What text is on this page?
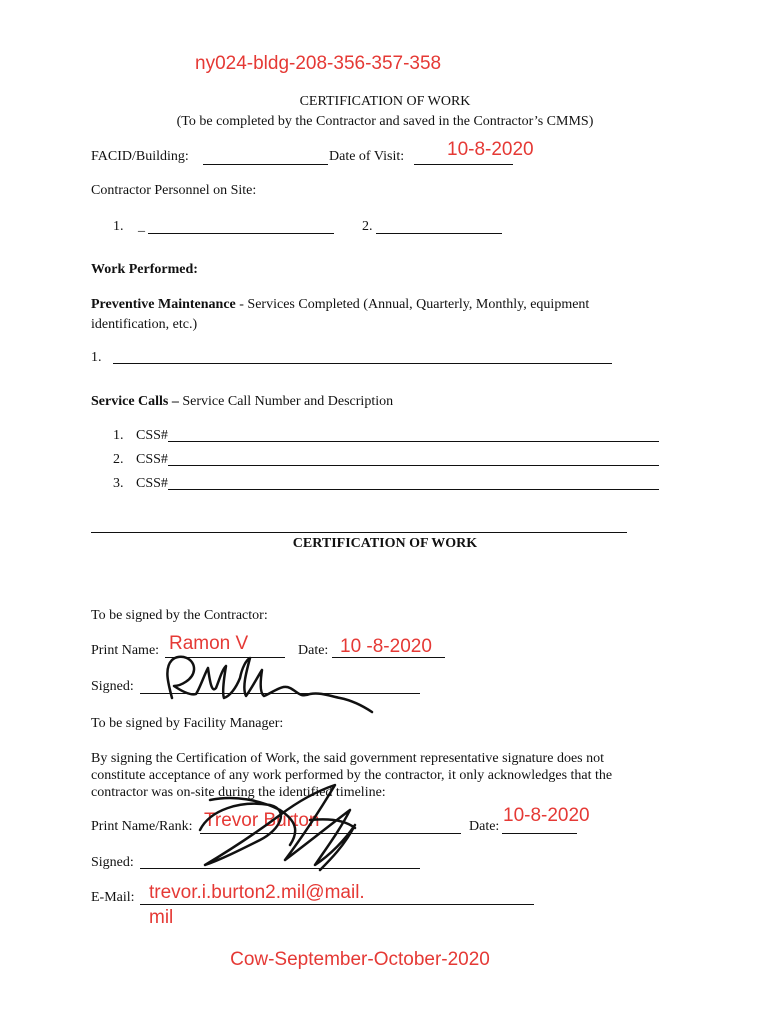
ny024-bldg-208-356-357-358
CERTIFICATION OF WORK
(To be completed by the Contractor and saved in the Contractor’s CMMS)
FACID/Building:	Date of Visit: 10-8-2020
Contractor Personnel on Site:
1. _	2.
Work Performed:
Preventive Maintenance - Services Completed (Annual, Quarterly, Monthly, equipment
identification, etc.)
1.
Service Calls – Service Call Number and Description
1. CSS#
2. CSS#
3. CSS#
CERTIFICATION OF WORK
To be signed by the Contractor:
Print Name: Ramon V	Date: 10 -8-2020
Signed:
To be signed by Facility Manager:
By signing the Certification of Work, the said government representative signature does not
constitute acceptance of any work performed by the contractor, it only acknowledges that the
contractor was on-site during the identified timeline:
Print Name/Rank: Trevor Burton	Date:
10-8-2020
Signed:
E-Mail: trevor.i.burton2.mil@mail.
mil
Cow-September-October-2020
